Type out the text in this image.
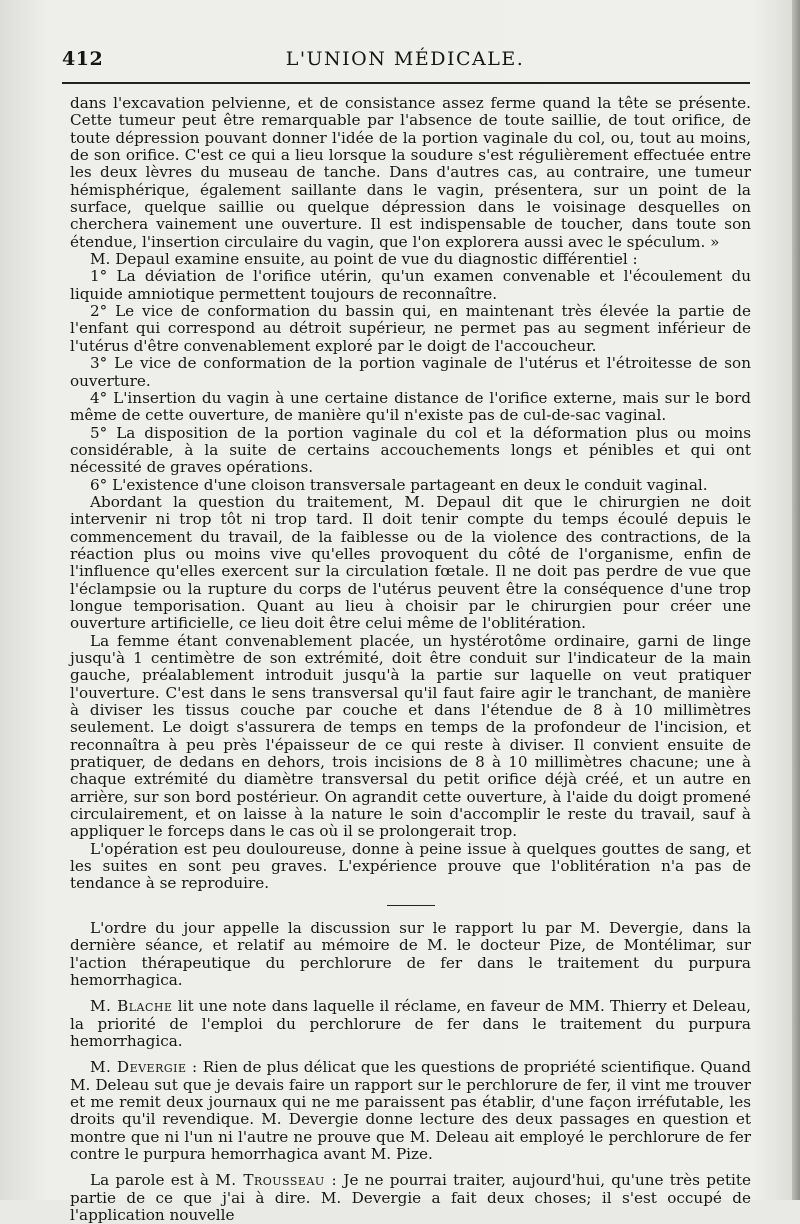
412	L'UNION MÉDICALE.

dans l'excavation pelvienne, et de consistance assez ferme quand la tête se présente. Cette tumeur peut être remarquable par l'absence de toute saillie, de tout orifice, de toute dépression pouvant donner l'idée de la portion vaginale du col, ou, tout au moins, de son orifice. C'est ce qui a lieu lorsque la soudure s'est régulièrement effectuée entre les deux lèvres du museau de tanche. Dans d'autres cas, au contraire, une tumeur hémisphérique, également saillante dans le vagin, présentera, sur un point de la surface, quelque saillie ou quelque dépression dans le voisinage desquelles on cherchera vainement une ouverture. Il est indispensable de toucher, dans toute son étendue, l'insertion circulaire du vagin, que l'on explorera aussi avec le spéculum. »

M. Depaul examine ensuite, au point de vue du diagnostic différentiel :

1° La déviation de l'orifice utérin, qu'un examen convenable et l'écoulement du liquide amniotique permettent toujours de reconnaître.

2° Le vice de conformation du bassin qui, en maintenant très élevée la partie de l'enfant qui correspond au détroit supérieur, ne permet pas au segment inférieur de l'utérus d'être convenablement exploré par le doigt de l'accoucheur.

3° Le vice de conformation de la portion vaginale de l'utérus et l'étroitesse de son ouverture.

4° L'insertion du vagin à une certaine distance de l'orifice externe, mais sur le bord même de cette ouverture, de manière qu'il n'existe pas de cul-de-sac vaginal.

5° La disposition de la portion vaginale du col et la déformation plus ou moins considérable, à la suite de certains accouchements longs et pénibles et qui ont nécessité de graves opérations.

6° L'existence d'une cloison transversale partageant en deux le conduit vaginal.

Abordant la question du traitement, M. Depaul dit que le chirurgien ne doit intervenir ni trop tôt ni trop tard. Il doit tenir compte du temps écoulé depuis le commencement du travail, de la faiblesse ou de la violence des contractions, de la réaction plus ou moins vive qu'elles provoquent du côté de l'organisme, enfin de l'influence qu'elles exercent sur la circulation fœtale. Il ne doit pas perdre de vue que l'éclampsie ou la rupture du corps de l'utérus peuvent être la conséquence d'une trop longue temporisation. Quant au lieu à choisir par le chirurgien pour créer une ouverture artificielle, ce lieu doit être celui même de l'oblitération.

La femme étant convenablement placée, un hystérotôme ordinaire, garni de linge jusqu'à 1 centimètre de son extrémité, doit être conduit sur l'indicateur de la main gauche, préalablement introduit jusqu'à la partie sur laquelle on veut pratiquer l'ouverture. C'est dans le sens transversal qu'il faut faire agir le tranchant, de manière à diviser les tissus couche par couche et dans l'étendue de 8 à 10 millimètres seulement. Le doigt s'assurera de temps en temps de la profondeur de l'incision, et reconnaîtra à peu près l'épaisseur de ce qui reste à diviser. Il convient ensuite de pratiquer, de dedans en dehors, trois incisions de 8 à 10 millimètres chacune; une à chaque extrémité du diamètre transversal du petit orifice déjà créé, et un autre en arrière, sur son bord postérieur. On agrandit cette ouverture, à l'aide du doigt promené circulairement, et on laisse à la nature le soin d'accomplir le reste du travail, sauf à appliquer le forceps dans le cas où il se prolongerait trop.

L'opération est peu douloureuse, donne à peine issue à quelques gouttes de sang, et les suites en sont peu graves. L'expérience prouve que l'oblitération n'a pas de tendance à se reproduire.

L'ordre du jour appelle la discussion sur le rapport lu par M. Devergie, dans la dernière séance, et relatif au mémoire de M. le docteur Pize, de Montélimar, sur l'action thérapeutique du perchlorure de fer dans le traitement du purpura hemorrhagica.

M. Blache lit une note dans laquelle il réclame, en faveur de MM. Thierry et Deleau, la priorité de l'emploi du perchlorure de fer dans le traitement du purpura hemorrhagica.

M. Devergie : Rien de plus délicat que les questions de propriété scientifique. Quand M. Deleau sut que je devais faire un rapport sur le perchlorure de fer, il vint me trouver et me remit deux journaux qui ne me paraissent pas établir, d'une façon irréfutable, les droits qu'il revendique. M. Devergie donne lecture des deux passages en question et montre que ni l'un ni l'autre ne prouve que M. Deleau ait employé le perchlorure de fer contre le purpura hemorrhagica avant M. Pize.

La parole est à M. Trousseau : Je ne pourrai traiter, aujourd'hui, qu'une très petite partie de ce que j'ai à dire. M. Devergie a fait deux choses; il s'est occupé de l'application nouvelle
